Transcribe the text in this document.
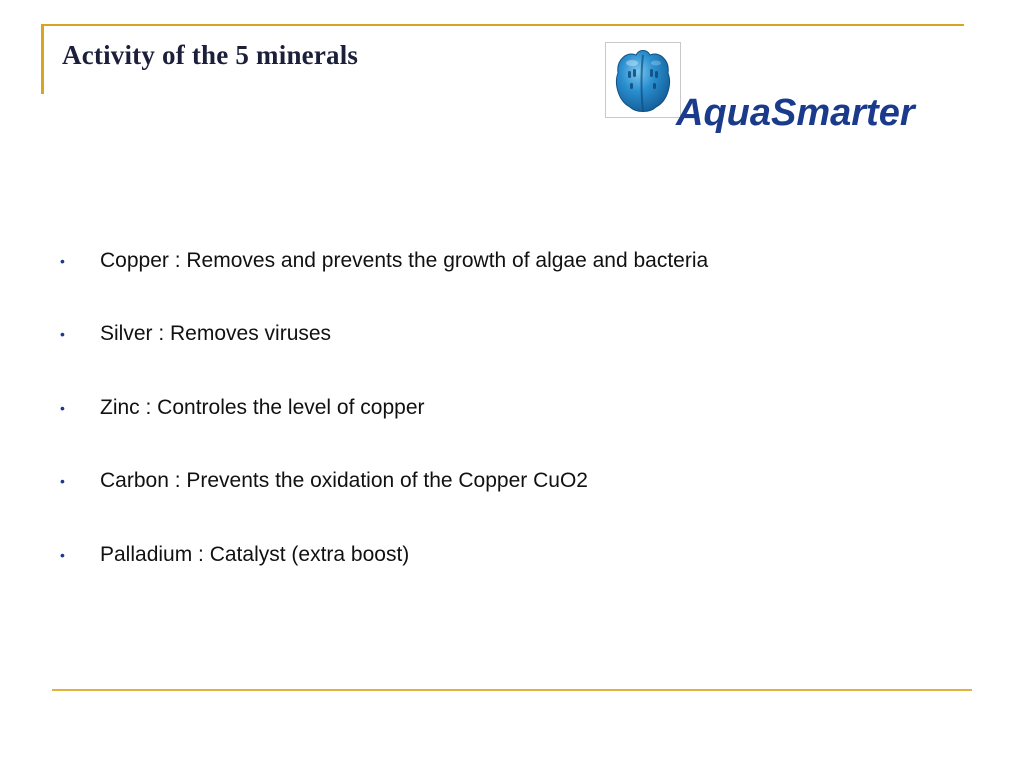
Activity of the 5 minerals
AquaSmarter
• Copper : Removes and prevents the growth of algae and bacteria
• Silver : Removes viruses
• Zinc : Controles the level of copper
• Carbon : Prevents the oxidation of the Copper CuO2
• Palladium : Catalyst (extra boost)
